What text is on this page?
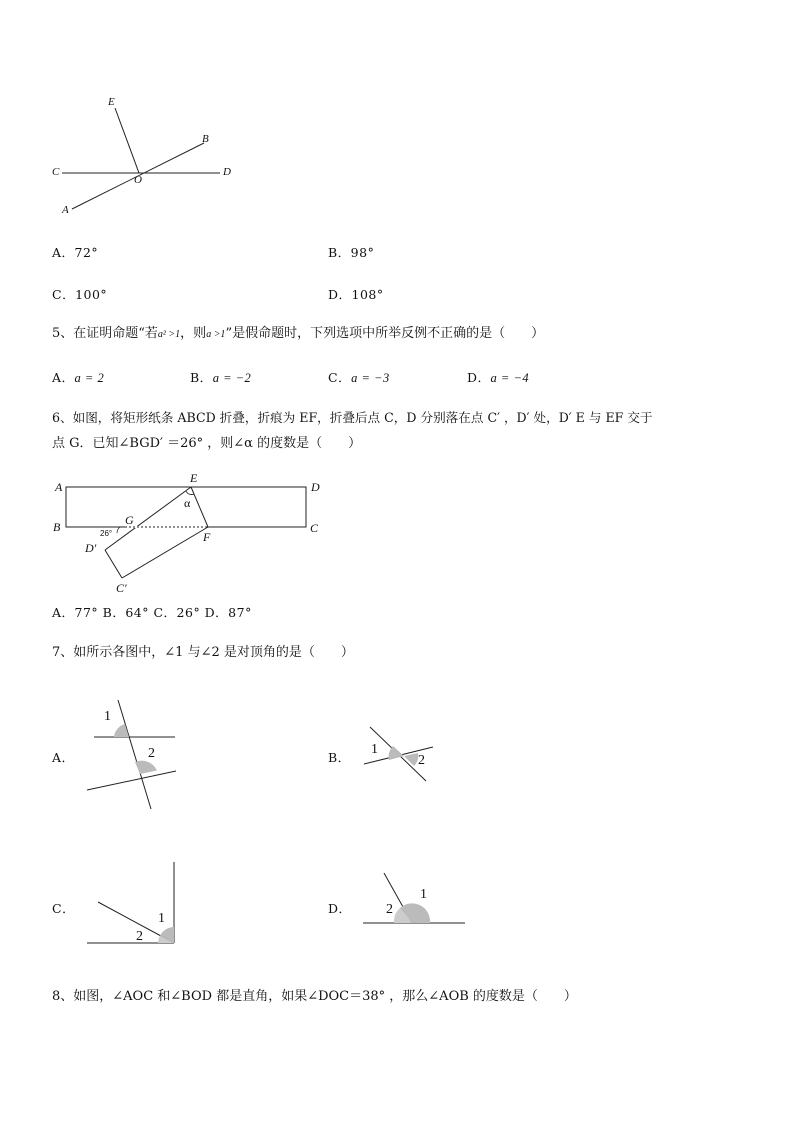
E
B
C
O
D
A
A．72°	B．98°
C．100°	D．108°
5、在证明命题“若a² >1，则a >1”是假命题时，下列选项中所举反例不正确的是（　　）
A．a = 2	B．a = −2	C．a = −3	D．a = −4
6、如图，将矩形纸条 ABCD 折叠，折痕为 EF，折叠后点 C，D 分别落在点 C′ ，D′ 处，D′ E 与 EF 交于
点 G．已知∠BGD′ ＝26° ，则∠α 的度数是（　　）
A	D
B	C
E
F
G
D′
C′
α
26°
A．77° B．64° C．26° D．87°
7、如所示各图中，∠1 与∠2 是对顶角的是（　　）
A．
1
2	B．
1
2
C．
1
2
D．
1
2
8、如图，∠AOC 和∠BOD 都是直角，如果∠DOC＝38° ，那么∠AOB 的度数是（　　）
